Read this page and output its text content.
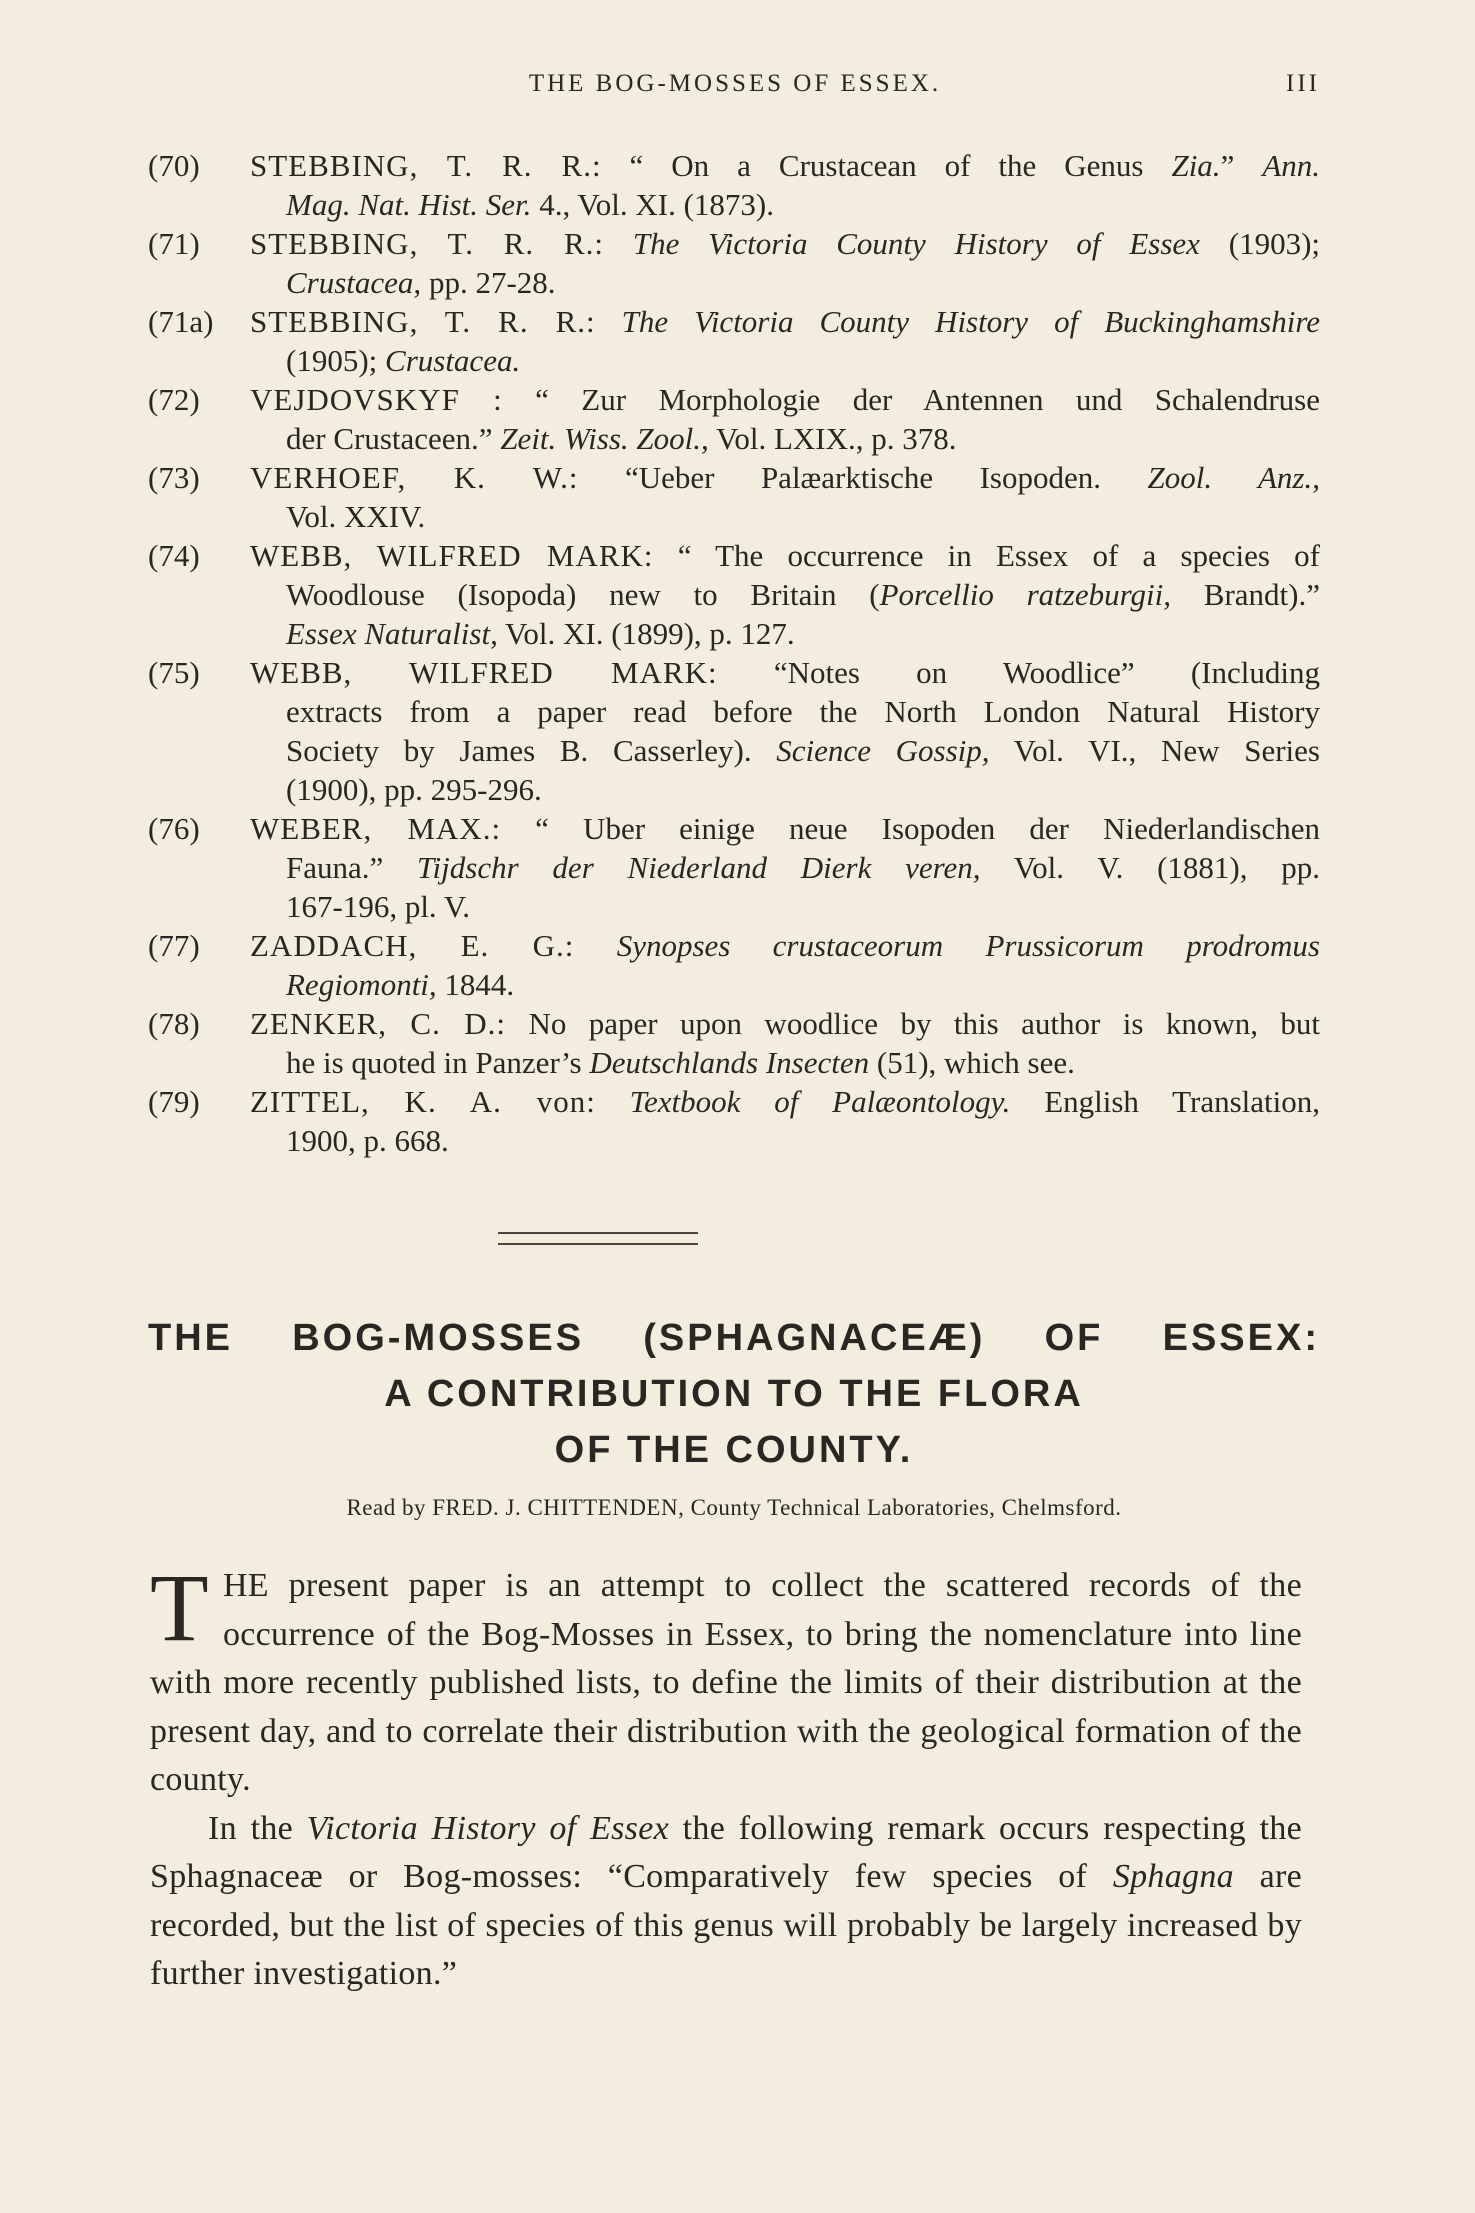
THE BOG-MOSSES OF ESSEX.	III

(70) STEBBING, T. R. R.: “ On a Crustacean of the Genus Zia.” Ann.
Mag. Nat. Hist. Ser. 4., Vol. XI. (1873).

(71) STEBBING, T. R. R.: The Victoria County History of Essex (1903);
Crustacea, pp. 27-28.

(71a) STEBBING, T. R. R.: The Victoria County History of Buckinghamshire
(1905); Crustacea.

(72) VEJDOVSKYF : “ Zur Morphologie der Antennen und Schalendruse
der Crustaceen.” Zeit. Wiss. Zool., Vol. LXIX., p. 378.

(73) VERHOEF, K. W.: “Ueber Palæarktische Isopoden. Zool. Anz.,
Vol. XXIV.

(74) WEBB, WILFRED MARK: “ The occurrence in Essex of a species of
Woodlouse (Isopoda) new to Britain (Porcellio ratzeburgii, Brandt).”
Essex Naturalist, Vol. XI. (1899), p. 127.

(75) WEBB, WILFRED MARK: “Notes on Woodlice” (Including
extracts from a paper read before the North London Natural History
Society by James B. Casserley). Science Gossip, Vol. VI., New Series
(1900), pp. 295-296.

(76) WEBER, MAX.: “ Uber einige neue Isopoden der Niederlandischen
Fauna.” Tijdschr der Niederland Dierk veren, Vol. V. (1881), pp.
167-196, pl. V.

(77) ZADDACH, E. G.: Synopses crustaceorum Prussicorum prodromus
Regiomonti, 1844.

(78) ZENKER, C. D.: No paper upon woodlice by this author is known, but
he is quoted in Panzer’s Deutschlands Insecten (51), which see.

(79) ZITTEL, K. A. von: Textbook of Palæontology. English Translation,
1900, p. 668.

THE BOG-MOSSES (SPHAGNACEÆ) OF ESSEX:
A CONTRIBUTION TO THE FLORA
OF THE COUNTY.
Read by FRED. J. CHITTENDEN, County Technical Laboratories, Chelmsford.

THE present paper is an attempt to collect the scattered records of the occurrence of the Bog-Mosses in Essex, to bring the nomenclature into line with more recently published lists, to define the limits of their distribution at the present day, and to correlate their distribution with the geological formation of the county.

In the Victoria History of Essex the following remark occurs respecting the Sphagnaceæ or Bog-mosses: “Comparatively few species of Sphagna are recorded, but the list of species of this genus will probably be largely increased by further investigation.”
